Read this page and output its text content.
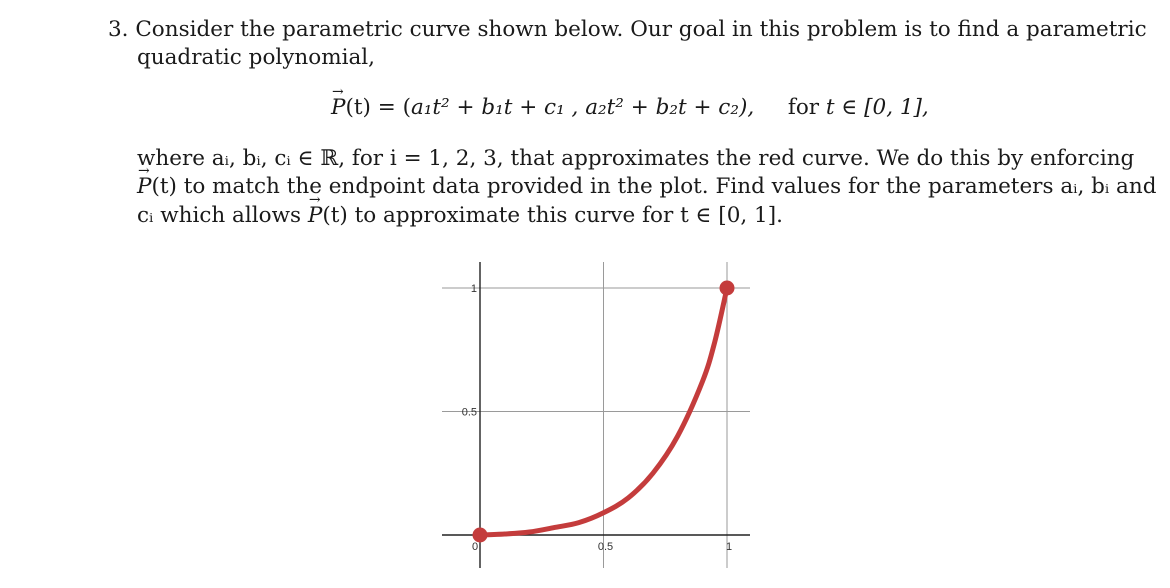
3. Consider the parametric curve shown below. Our goal in this problem is to find a parametric
quadratic polynomial,
→ P(t) = (a₁t² + b₁t + c₁ , a₂t² + b₂t + c₂), for t ∈ [0, 1],
where aᵢ, bᵢ, cᵢ ∈ ℝ, for i = 1, 2, 3, that approximates the red curve. We do this by enforcing
→ P(t) to match the endpoint data provided in the plot. Find values for the parameters aᵢ, bᵢ and
cᵢ which allows → P(t) to approximate this curve for t ∈ [0, 1].
0	0.5	1
0.5
1
